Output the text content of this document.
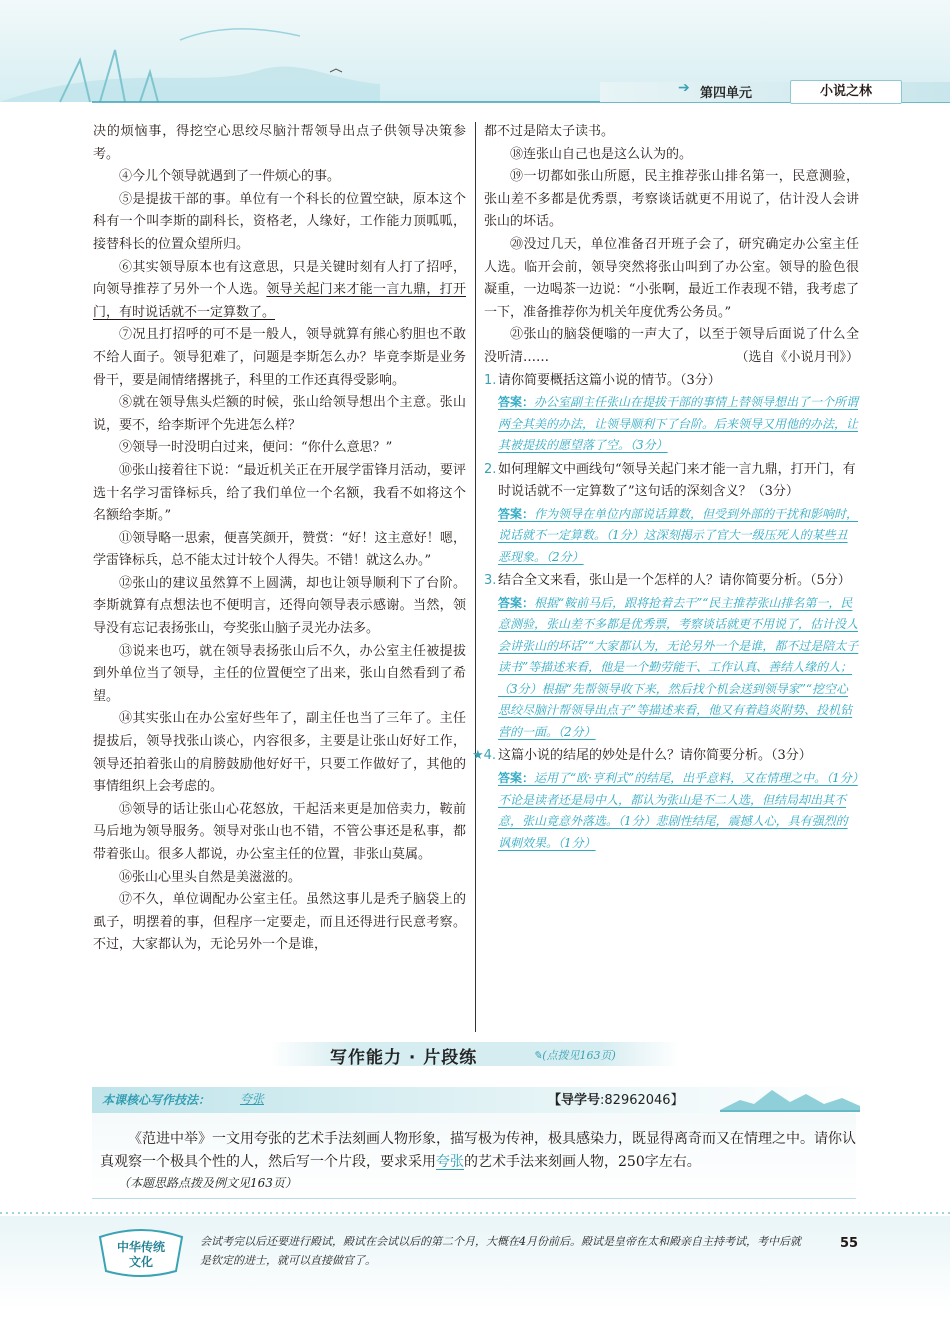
➔ 第四单元	小说之林

决的烦恼事，得挖空心思绞尽脑汁帮领导出点子供领导决策参考。

④今儿个领导就遇到了一件烦心的事。

⑤是提拔干部的事。单位有一个科长的位置空缺，原本这个科有一个叫李斯的副科长，资格老，人缘好，工作能力顶呱呱，接替科长的位置众望所归。

⑥其实领导原本也有这意思，只是关键时刻有人打了招呼，向领导推荐了另外一个人选。领导关起门来才能一言九鼎，打开门，有时说话就不一定算数了。

⑦况且打招呼的可不是一般人，领导就算有熊心豹胆也不敢不给人面子。领导犯难了，问题是李斯怎么办？毕竟李斯是业务骨干，要是闹情绪撂挑子，科里的工作还真得受影响。

⑧就在领导焦头烂额的时候，张山给领导想出个主意。张山说，要不，给李斯评个先进怎么样？

⑨领导一时没明白过来，便问：“你什么意思？”

⑩张山接着往下说：“最近机关正在开展学雷锋月活动，要评选十名学习雷锋标兵，给了我们单位一个名额，我看不如将这个名额给李斯。”

⑪领导略一思索，便喜笑颜开，赞赏：“好！这主意好！嗯，学雷锋标兵，总不能太过计较个人得失。不错！就这么办。”

⑫张山的建议虽然算不上圆满，却也让领导顺利下了台阶。李斯就算有点想法也不便明言，还得向领导表示感谢。当然，领导没有忘记表扬张山，夸奖张山脑子灵光办法多。

⑬说来也巧，就在领导表扬张山后不久，办公室主任被提拔到外单位当了领导，主任的位置便空了出来，张山自然看到了希望。

⑭其实张山在办公室好些年了，副主任也当了三年了。主任提拔后，领导找张山谈心，内容很多，主要是让张山好好工作，领导还拍着张山的肩膀鼓励他好好干，只要工作做好了，其他的事情组织上会考虑的。

⑮领导的话让张山心花怒放，干起活来更是加倍卖力，鞍前马后地为领导服务。领导对张山也不错，不管公事还是私事，都带着张山。很多人都说，办公室主任的位置，非张山莫属。

⑯张山心里头自然是美滋滋的。

⑰不久，单位调配办公室主任。虽然这事儿是秃子脑袋上的虱子，明摆着的事，但程序一定要走，而且还得进行民意考察。不过，大家都认为，无论另外一个是谁，

都不过是陪太子读书。

⑱连张山自己也是这么认为的。

⑲一切都如张山所愿，民主推荐张山排名第一，民意测验，张山差不多都是优秀票，考察谈话就更不用说了，估计没人会讲张山的坏话。

⑳没过几天，单位准备召开班子会了，研究确定办公室主任人选。临开会前，领导突然将张山叫到了办公室。领导的脸色很凝重，一边喝茶一边说：“小张啊，最近工作表现不错，我考虑了一下，准备推荐你为机关年度优秀公务员。”

㉑张山的脑袋便嗡的一声大了，以至于领导后面说了什么全没听清……	（选自《小说月刊》）

1. 请你简要概括这篇小说的情节。（3分）

答案：办公室副主任张山在提拔干部的事情上替领导想出了一个所谓两全其美的办法，让领导顺利下了台阶。后来领导又用他的办法，让其被提拔的愿望落了空。（3分）

2. 如何理解文中画线句“领导关起门来才能一言九鼎，打开门，有时说话就不一定算数了”这句话的深刻含义？（3分）

答案：作为领导在单位内部说话算数，但受到外部的干扰和影响时，说话就不一定算数。（1分）这深刻揭示了官大一级压死人的某些丑恶现象。（2分）

3. 结合全文来看，张山是一个怎样的人？请你简要分析。（5分）

答案：根据“鞍前马后，跟将抢着去干”“民主推荐张山排名第一，民意测验，张山差不多都是优秀票，考察谈话就更不用说了，估计没人会讲张山的坏话”“大家都认为，无论另外一个是谁，都不过是陪太子读书”等描述来看，他是一个勤劳能干、工作认真、善结人缘的人；（3分）根据“先帮领导收下来，然后找个机会送到领导家”“挖空心思绞尽脑汁帮领导出点子”等描述来看，他又有着趋炎附势、投机钻营的一面。（2分）

★4. 这篇小说的结尾的妙处是什么？请你简要分析。（3分）

答案：运用了“欧·亨利式”的结尾，出乎意料，又在情理之中。（1分）不论是读者还是局中人，都认为张山是不二人选，但结局却出其不意，张山竟意外落选。（1分）悲剧性结尾，震撼人心，具有强烈的讽刺效果。（1分）

写作能力 · 片段练	✎(点拨见163页)
本课核心写作技法： 夸张	【导学号:82962046】
《范进中举》一文用夸张的艺术手法刻画人物形象，描写极为传神，极具感染力，既显得离奇而又在情理之中。请你认真观察一个极具个性的人，然后写一个片段，要求采用夸张的艺术手法来刻画人物，250字左右。
（本题思路点拨及例文见163页）
中华传统
文化
会试考完以后还要进行殿试，殿试在会试以后的第二个月，大概在4月份前后。殿试是皇帝在太和殿亲自主持考试，考中后就是钦定的进士，就可以直接做官了。
55
